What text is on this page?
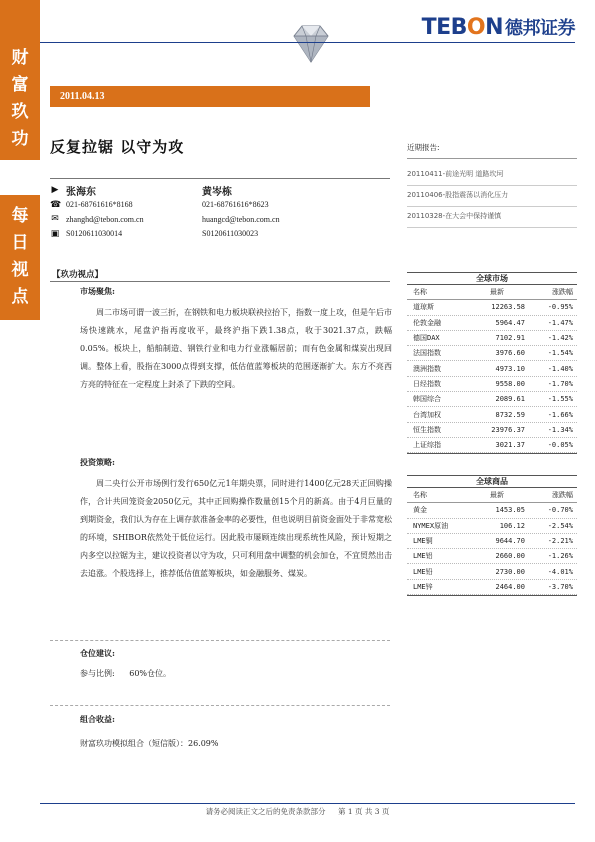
财
富
玖
功
每
日
视
点
TEBON 德邦证券
2011.04.13
反复拉锯 以守为攻
▶ 张海东
☎ 021-68761616*8168
✉ zhanghd@tebon.com.cn
▣ S0120611030014
黄岑栋
021-68761616*8623
huangcd@tebon.com.cn
S0120611030023
近期报告:
20110411-前途光明 道路坎坷
20110406-股指震荡以消化压力
20110328-在大会中保持谨慎
【玖功视点】
市场聚焦:
周二市场可谓一波三折，在钢铁和电力板块联袂拉抬下，指数一度上攻，但是午后市场快速跳水，尾盘沪指再度收平，最终沪指下跌1.38点，收于3021.37点，跌幅0.05%。板块上，船舶制造、钢铁行业和电力行业涨幅居前；而有色金属和煤炭出现回调。整体上看，股指在3000点得到支撑，低估值蓝筹板块的范围逐渐扩大。东方不亮西方亮的特征在一定程度上封杀了下跌的空间。
投资策略:
周二央行公开市场例行发行650亿元1年期央票，同时进行1400亿元28天正回购操作，合计共回笼资金2050亿元，其中正回购操作数量创15个月的新高。由于4月巨量的到期资金，我们认为存在上调存款准备金率的必要性，但也说明目前资金面处于非常宽松的环境，SHIBOR依然处于低位运行。因此股市屡顾连续出现系统性风险，预计短期之内多空以拉锯为主，建议投资者以守为攻，只可利用盘中调整的机会加仓，不宜贸然出击去追涨。个股选择上，推荐低估值蓝筹板块，如金融服务、煤炭。
仓位建议:
参与比例: 60%仓位。
组合收益:
财富玖功模拟组合（短信版）：26.09%
全球市场
名称	最新	涨跌幅
道琼斯	12263.58	-0.95%
伦敦金融	5964.47	-1.47%
德国DAX	7102.91	-1.42%
法国指数	3976.60	-1.54%
澳洲指数	4973.10	-1.40%
日经指数	9558.00	-1.70%
韩国综合	2089.61	-1.55%
台湾加权	8732.59	-1.66%
恒生指数	23976.37	-1.34%
上证综指	3021.37	-0.05%
全球商品
名称	最新	涨跌幅
黄金	1453.05	-0.70%
NYMEX原油	106.12	-2.54%
LME铜	9644.70	-2.21%
LME铝	2660.00	-1.26%
LME铅	2730.00	-4.01%
LME锌	2464.00	-3.70%
请务必阅读正文之后的免责条款部分 第 1 页 共 3 页
